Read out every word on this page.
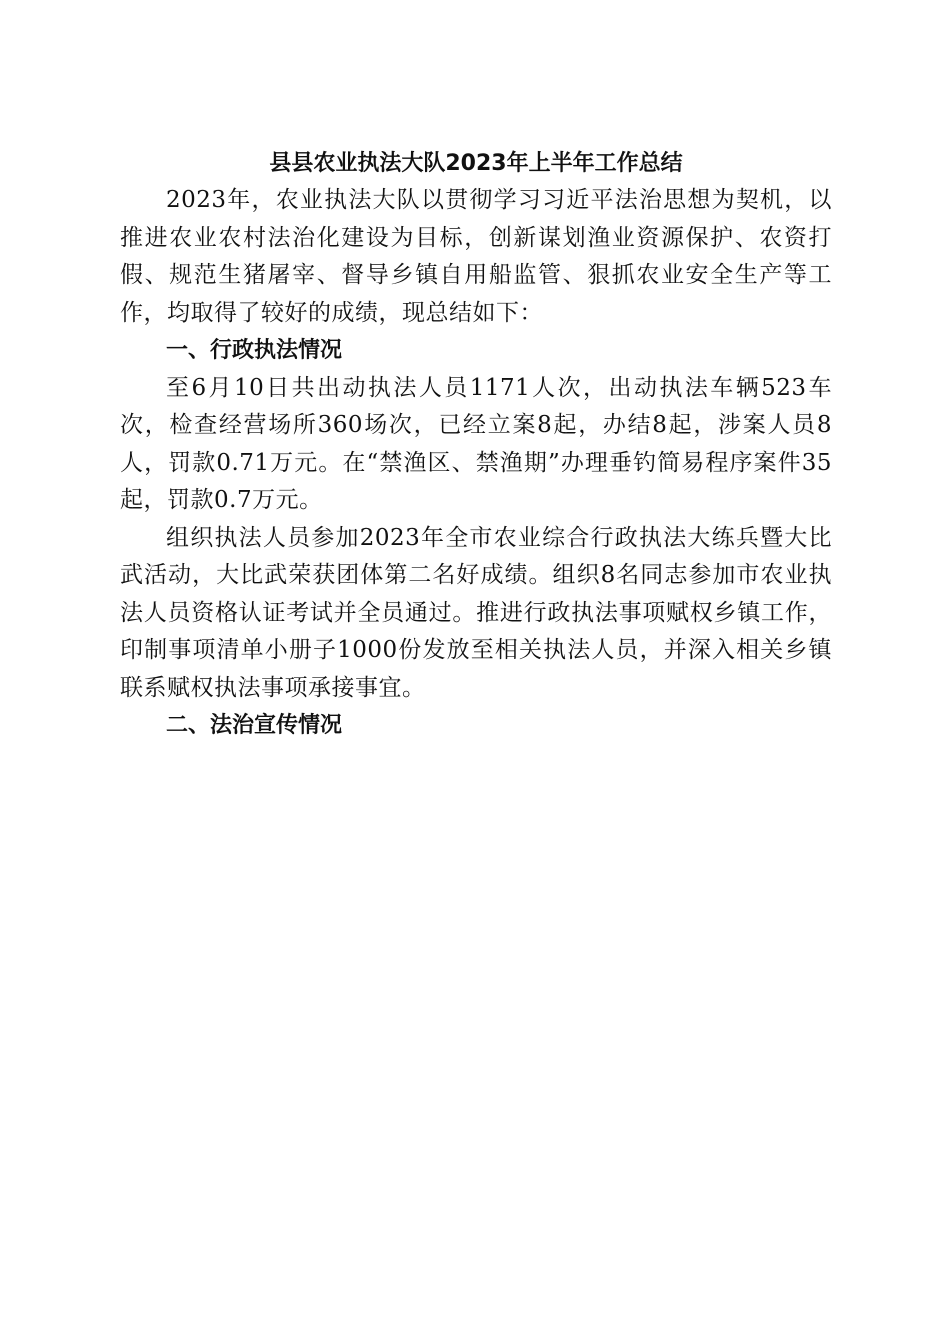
县县农业执法大队2023年上半年工作总结

2023年，农业执法大队以贯彻学习习近平法治思想为契机，以推进农业农村法治化建设为目标，创新谋划渔业资源保护、农资打假、规范生猪屠宰、督导乡镇自用船监管、狠抓农业安全生产等工作，均取得了较好的成绩，现总结如下：

一、行政执法情况

至6月10日共出动执法人员1171人次，出动执法车辆523车次，检查经营场所360场次，已经立案8起，办结8起，涉案人员8人，罚款0.71万元。在“禁渔区、禁渔期”办理垂钓简易程序案件35起，罚款0.7万元。

组织执法人员参加2023年全市农业综合行政执法大练兵暨大比武活动，大比武荣获团体第二名好成绩。组织8名同志参加市农业执法人员资格认证考试并全员通过。推进行政执法事项赋权乡镇工作，印制事项清单小册子1000份发放至相关执法人员，并深入相关乡镇联系赋权执法事项承接事宜。

二、法治宣传情况
